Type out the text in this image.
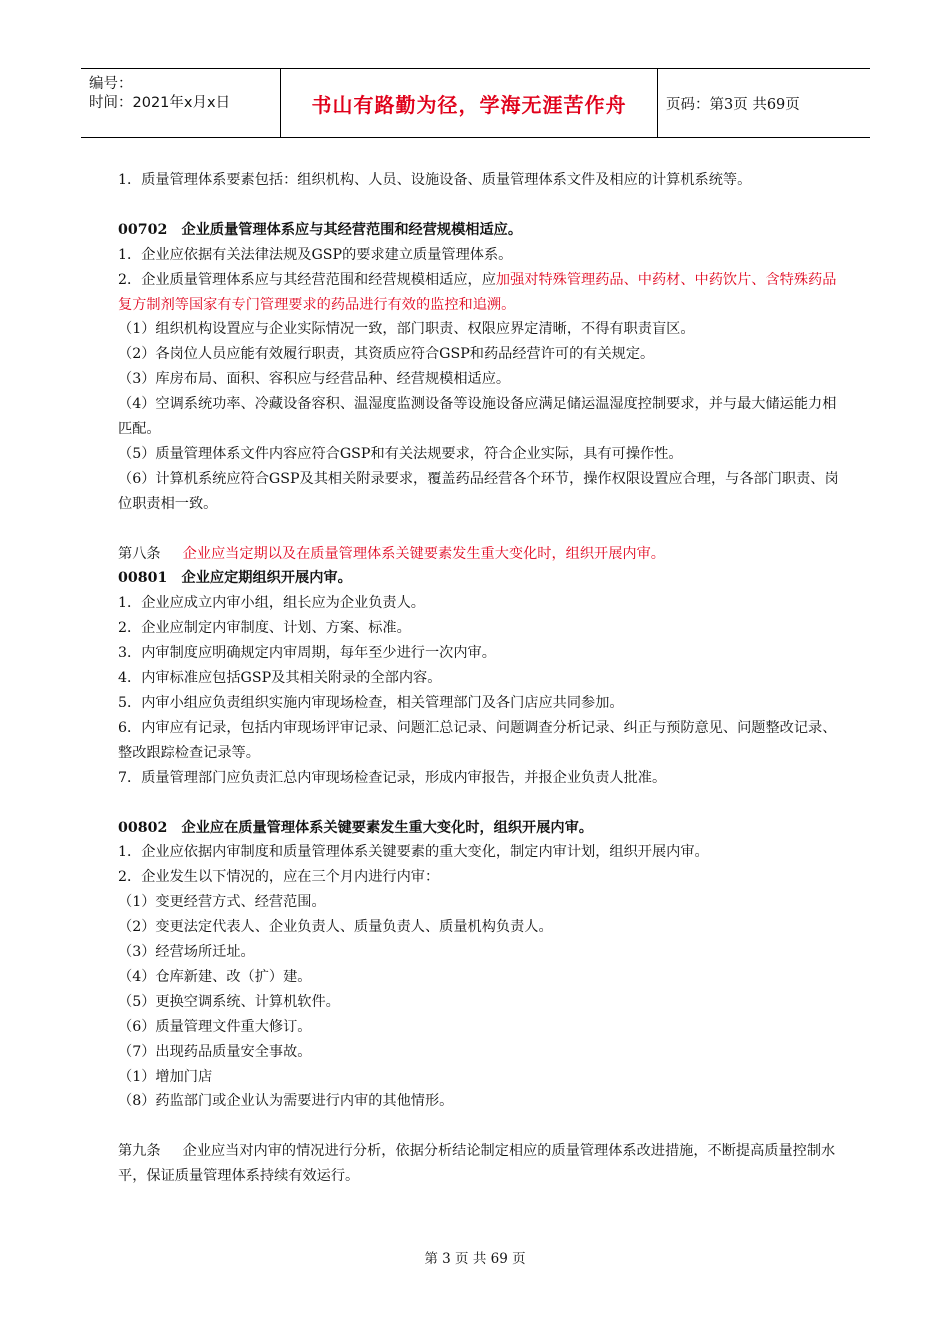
编号：
时间：2021年x月x日	书山有路勤为径，学海无涯苦作舟	页码：第3页 共69页

1．质量管理体系要素包括：组织机构、人员、设施设备、质量管理体系文件及相应的计算机系统等。

00702　企业质量管理体系应与其经营范围和经营规模相适应。

1．企业应依据有关法律法规及GSP的要求建立质量管理体系。

2．企业质量管理体系应与其经营范围和经营规模相适应，应加强对特殊管理药品、中药材、中药饮片、含特殊药品复方制剂等国家有专门管理要求的药品进行有效的监控和追溯。

（1）组织机构设置应与企业实际情况一致，部门职责、权限应界定清晰，不得有职责盲区。

（2）各岗位人员应能有效履行职责，其资质应符合GSP和药品经营许可的有关规定。

（3）库房布局、面积、容积应与经营品种、经营规模相适应。

（4）空调系统功率、冷藏设备容积、温湿度监测设备等设施设备应满足储运温湿度控制要求，并与最大储运能力相匹配。

（5）质量管理体系文件内容应符合GSP和有关法规要求，符合企业实际，具有可操作性。

（6）计算机系统应符合GSP及其相关附录要求，覆盖药品经营各个环节，操作权限设置应合理，与各部门职责、岗位职责相一致。

第八条 企业应当定期以及在质量管理体系关键要素发生重大变化时，组织开展内审。

00801　企业应定期组织开展内审。

1．企业应成立内审小组，组长应为企业负责人。

2．企业应制定内审制度、计划、方案、标准。

3．内审制度应明确规定内审周期，每年至少进行一次内审。

4．内审标准应包括GSP及其相关附录的全部内容。

5．内审小组应负责组织实施内审现场检查，相关管理部门及各门店应共同参加。

6．内审应有记录，包括内审现场评审记录、问题汇总记录、问题调查分析记录、纠正与预防意见、问题整改记录、整改跟踪检查记录等。

7．质量管理部门应负责汇总内审现场检查记录，形成内审报告，并报企业负责人批准。

00802　企业应在质量管理体系关键要素发生重大变化时，组织开展内审。

1．企业应依据内审制度和质量管理体系关键要素的重大变化，制定内审计划，组织开展内审。

2．企业发生以下情况的，应在三个月内进行内审：

（1）变更经营方式、经营范围。

（2）变更法定代表人、企业负责人、质量负责人、质量机构负责人。

（3）经营场所迁址。

（4）仓库新建、改（扩）建。

（5）更换空调系统、计算机软件。

（6）质量管理文件重大修订。

（7）出现药品质量安全事故。

（1）增加门店

（8）药监部门或企业认为需要进行内审的其他情形。

第九条 企业应当对内审的情况进行分析，依据分析结论制定相应的质量管理体系改进措施，不断提高质量控制水平，保证质量管理体系持续有效运行。

第 3 页 共 69 页
